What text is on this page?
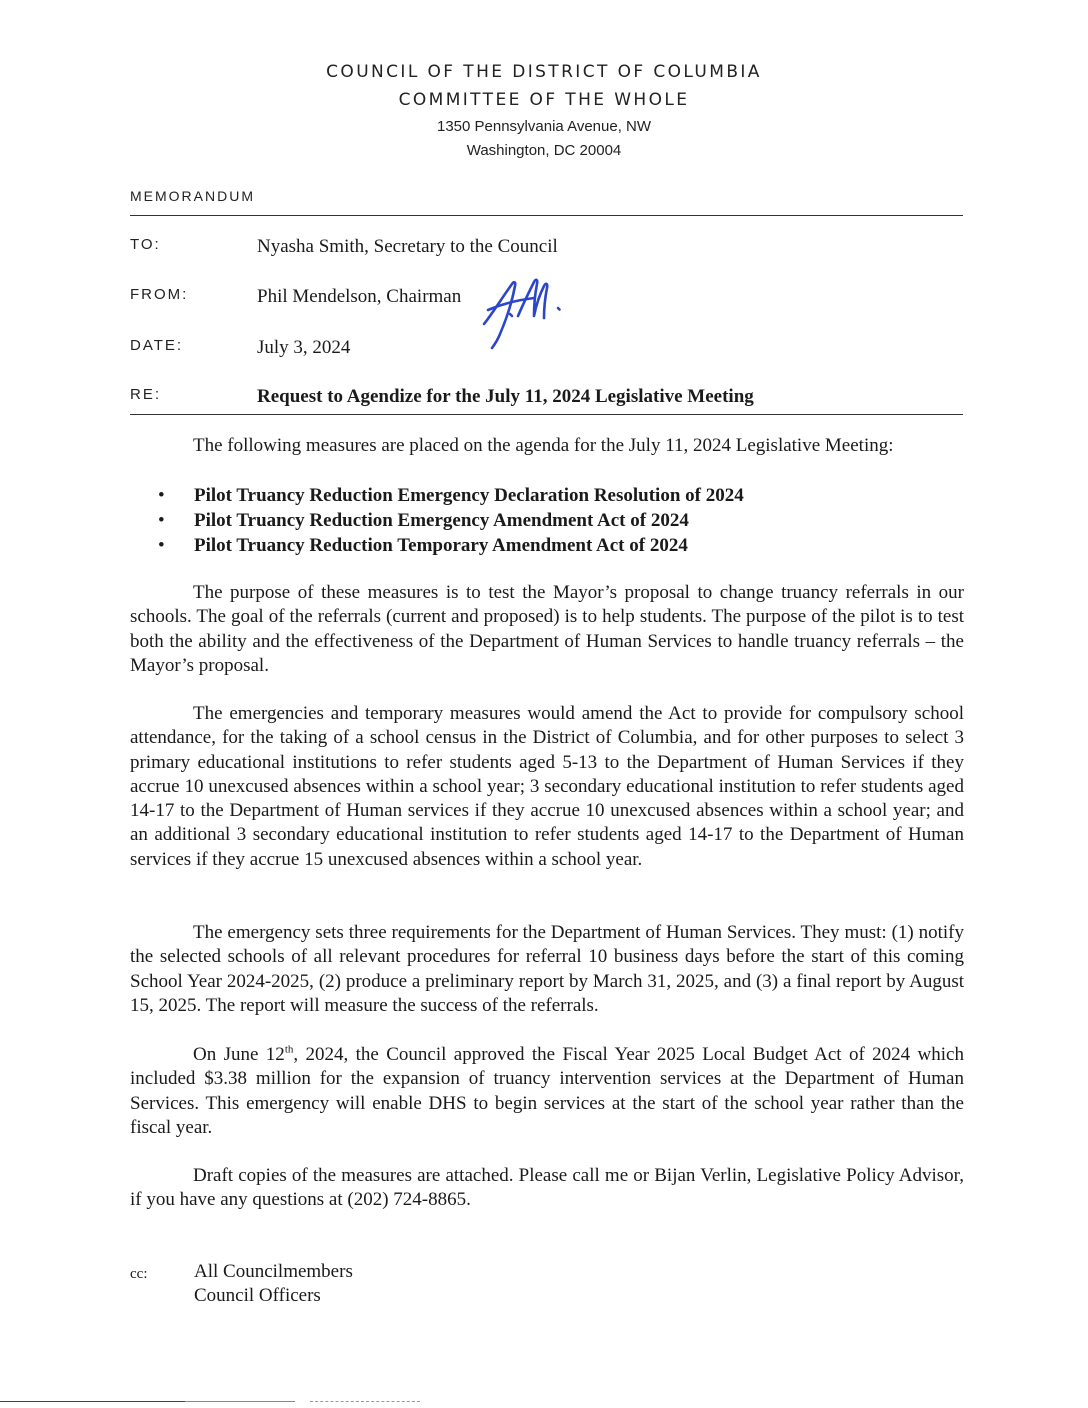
COUNCIL OF THE DISTRICT OF COLUMBIA
COMMITTEE OF THE WHOLE
1350 Pennsylvania Avenue, NW
Washington, DC 20004
MEMORANDUM
TO:	Nyasha Smith, Secretary to the Council
FROM:	Phil Mendelson, Chairman
DATE:	July 3, 2024
RE:	Request to Agendize for the July 11, 2024 Legislative Meeting
The following measures are placed on the agenda for the July 11, 2024 Legislative Meeting:
• Pilot Truancy Reduction Emergency Declaration Resolution of 2024
• Pilot Truancy Reduction Emergency Amendment Act of 2024
• Pilot Truancy Reduction Temporary Amendment Act of 2024
The purpose of these measures is to test the Mayor’s proposal to change truancy referrals in our schools. The goal of the referrals (current and proposed) is to help students. The purpose of the pilot is to test both the ability and the effectiveness of the Department of Human Services to handle truancy referrals – the Mayor’s proposal.
The emergencies and temporary measures would amend the Act to provide for compulsory school attendance, for the taking of a school census in the District of Columbia, and for other purposes to select 3 primary educational institutions to refer students aged 5-13 to the Department of Human Services if they accrue 10 unexcused absences within a school year; 3 secondary educational institution to refer students aged 14-17 to the Department of Human services if they accrue 10 unexcused absences within a school year; and an additional 3 secondary educational institution to refer students aged 14-17 to the Department of Human services if they accrue 15 unexcused absences within a school year.
The emergency sets three requirements for the Department of Human Services. They must: (1) notify the selected schools of all relevant procedures for referral 10 business days before the start of this coming School Year 2024-2025, (2) produce a preliminary report by March 31, 2025, and (3) a final report by August 15, 2025. The report will measure the success of the referrals.
On June 12th, 2024, the Council approved the Fiscal Year 2025 Local Budget Act of 2024 which included $3.38 million for the expansion of truancy intervention services at the Department of Human Services. This emergency will enable DHS to begin services at the start of the school year rather than the fiscal year.
Draft copies of the measures are attached. Please call me or Bijan Verlin, Legislative Policy Advisor, if you have any questions at (202) 724-8865.
cc: All Councilmembers
Council Officers
